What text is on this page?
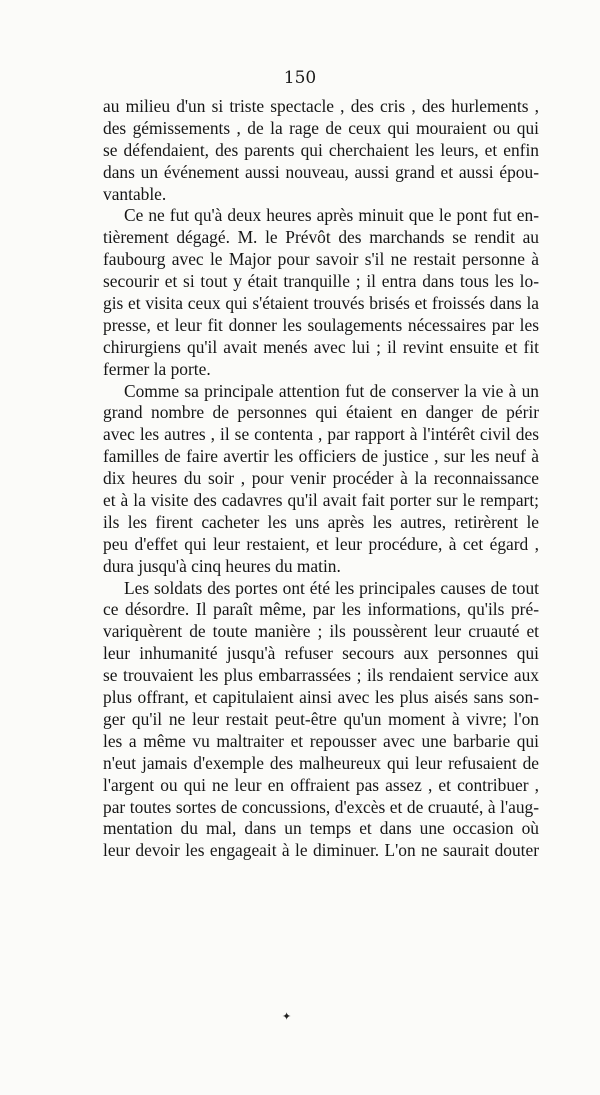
150
au milieu d'un si triste spectacle , des cris , des hurlements ,
des gémissements , de la rage de ceux qui mouraient ou qui
se défendaient, des parents qui cherchaient les leurs, et enfin
dans un événement aussi nouveau, aussi grand et aussi épou-
vantable.
Ce ne fut qu'à deux heures après minuit que le pont fut en-
tièrement dégagé. M. le Prévôt des marchands se rendit au
faubourg avec le Major pour savoir s'il ne restait personne à
secourir et si tout y était tranquille ; il entra dans tous les lo-
gis et visita ceux qui s'étaient trouvés brisés et froissés dans la
presse, et leur fit donner les soulagements nécessaires par les
chirurgiens qu'il avait menés avec lui ; il revint ensuite et fit
fermer la porte.
Comme sa principale attention fut de conserver la vie à un
grand nombre de personnes qui étaient en danger de périr
avec les autres , il se contenta , par rapport à l'intérêt civil des
familles de faire avertir les officiers de justice , sur les neuf à
dix heures du soir , pour venir procéder à la reconnaissance
et à la visite des cadavres qu'il avait fait porter sur le rempart;
ils les firent cacheter les uns après les autres, retirèrent le
peu d'effet qui leur restaient, et leur procédure, à cet égard ,
dura jusqu'à cinq heures du matin.
Les soldats des portes ont été les principales causes de tout
ce désordre. Il paraît même, par les informations, qu'ils pré-
variquèrent de toute manière ; ils poussèrent leur cruauté et
leur inhumanité jusqu'à refuser secours aux personnes qui
se trouvaient les plus embarrassées ; ils rendaient service aux
plus offrant, et capitulaient ainsi avec les plus aisés sans son-
ger qu'il ne leur restait peut-être qu'un moment à vivre; l'on
les a même vu maltraiter et repousser avec une barbarie qui
n'eut jamais d'exemple des malheureux qui leur refusaient de
l'argent ou qui ne leur en offraient pas assez , et contribuer ,
par toutes sortes de concussions, d'excès et de cruauté, à l'aug-
mentation du mal, dans un temps et dans une occasion où
leur devoir les engageait à le diminuer. L'on ne saurait douter
✦
